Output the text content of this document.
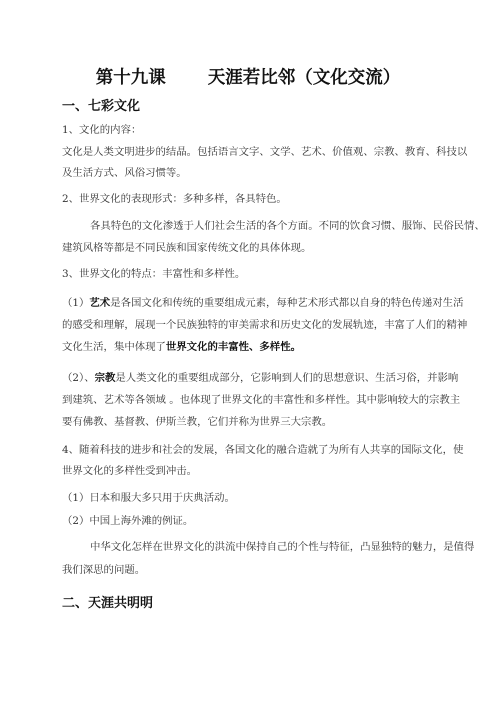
第十九课 天涯若比邻（文化交流）
一、七彩文化
1、文化的内容：
文化是人类文明进步的结晶。包括语言文字、文学、艺术、价值观、宗教、教育、科技以
及生活方式、风俗习惯等。
2、世界文化的表现形式：多种多样，各具特色。
各具特色的文化渗透于人们社会生活的各个方面。不同的饮食习惯、服饰、民俗民情、
建筑风格等都是不同民族和国家传统文化的具体体现。
3、世界文化的特点：丰富性和多样性。
（1）艺术是各国文化和传统的重要组成元素，每种艺术形式都以自身的特色传递对生活
的感受和理解，展现一个民族独特的审美需求和历史文化的发展轨迹，丰富了人们的精神
文化生活，集中体现了世界文化的丰富性、多样性。
（2）、宗教是人类文化的重要组成部分，它影响到人们的思想意识、生活习俗，并影响
到建筑、艺术等各领域 。也体现了世界文化的丰富性和多样性。其中影响较大的宗教主
要有佛教、基督教、伊斯兰教，它们并称为世界三大宗教。
4、随着科技的进步和社会的发展，各国文化的融合造就了为所有人共享的国际文化，使
世界文化的多样性受到冲击。
（1）日本和服大多只用于庆典活动。
（2）中国上海外滩的例证。
中华文化怎样在世界文化的洪流中保持自己的个性与特征，凸显独特的魅力，是值得
我们深思的问题。
二、天涯共明明
